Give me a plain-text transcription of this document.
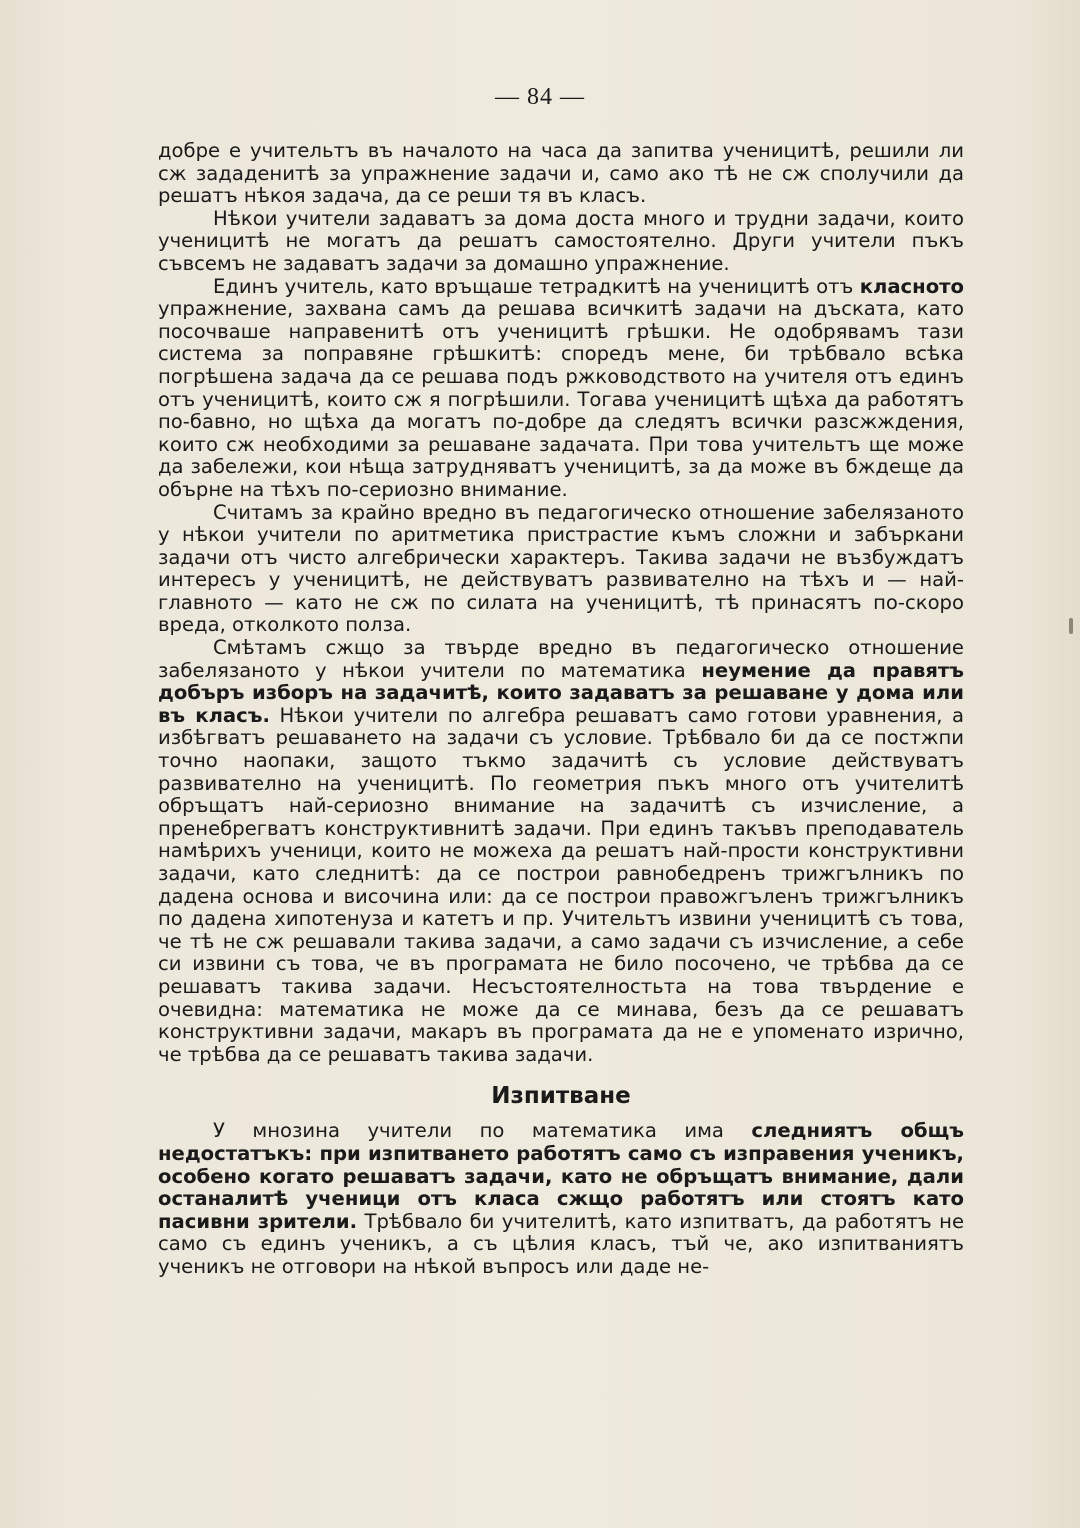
— 84 —

добре е учительтъ въ началото на часа да запитва ученицитѣ, решили ли сж зададенитѣ за упражнение задачи и, само ако тѣ не сж сполучили да решатъ нѣкоя задача, да се реши тя въ класъ.

Нѣкои учители задаватъ за дома доста много и трудни задачи, които ученицитѣ не могатъ да решатъ самостоятелно. Други учители пъкъ съвсемъ не задаватъ задачи за домашно упражнение.

Единъ учитель, като връщаше тетрадкитѣ на ученицитѣ отъ класното упражнение, захвана самъ да решава всичкитѣ задачи на дъската, като посочваше направенитѣ отъ ученицитѣ грѣшки. Не одобрявамъ тази система за поправяне грѣшкитѣ: споредъ мене, би трѣбвало всѣка погрѣшена задача да се решава подъ ржководството на учителя отъ единъ отъ ученицитѣ, които сж я погрѣшили. Тогава ученицитѣ щѣха да работятъ по-бавно, но щѣха да могатъ по-добре да следятъ всички разсжждения, които сж необходими за решаване задачата. При това учительтъ ще може да забележи, кои нѣща затрудняватъ ученицитѣ, за да може въ бждеще да обърне на тѣхъ по-сериозно внимание.

Считамъ за крайно вредно въ педагогическо отношение забелязаното у нѣкои учители по аритметика пристрастие къмъ сложни и забъркани задачи отъ чисто алгебрически характеръ. Такива задачи не възбуждатъ интересъ у ученицитѣ, не действуватъ развивателно на тѣхъ и — най-главното — като не сж по силата на ученицитѣ, тѣ принасятъ по-скоро вреда, отколкото полза.

Смѣтамъ сжщо за твърде вредно въ педагогическо отношение забелязаното у нѣкои учители по математика неумение да правятъ добъръ изборъ на задачитѣ, които задаватъ за решаване у дома или въ класъ. Нѣкои учители по алгебра решаватъ само готови уравнения, а избѣгватъ решаването на задачи съ условие. Трѣбвало би да се постжпи точно наопаки, защото тъкмо задачитѣ съ условие действуватъ развивателно на ученицитѣ. По геометрия пъкъ много отъ учителитѣ обръщатъ най-сериозно внимание на задачитѣ съ изчисление, а пренебрегватъ конструктивнитѣ задачи. При единъ такъвъ преподаватель намѣрихъ ученици, които не можеха да решатъ най-прости конструктивни задачи, като следнитѣ: да се построи равнобедренъ трижгълникъ по дадена основа и височина или: да се построи правожгъленъ трижгълникъ по дадена хипотенуза и катетъ и пр. Учительтъ извини ученицитѣ съ това, че тѣ не сж решавали такива задачи, а само задачи съ изчисление, а себе си извини съ това, че въ програмата не било посочено, че трѣбва да се решаватъ такива задачи. Несъстоятелностьта на това твърдение е очевидна: математика не може да се минава, безъ да се решаватъ конструктивни задачи, макаръ въ програмата да не е упоменато изрично, че трѣбва да се решаватъ такива задачи.

Изпитване

У мнозина учители по математика има следниятъ общъ недостатъкъ: при изпитването работятъ само съ изправения ученикъ, особено когато решаватъ задачи, като не обръщатъ внимание, дали останалитѣ ученици отъ класа сжщо работятъ или стоятъ като пасивни зрители. Трѣбвало би учителитѣ, като изпитватъ, да работятъ не само съ единъ ученикъ, а съ цѣлия класъ, тъй че, ако изпитваниятъ ученикъ не отговори на нѣкой въпросъ или даде не-
